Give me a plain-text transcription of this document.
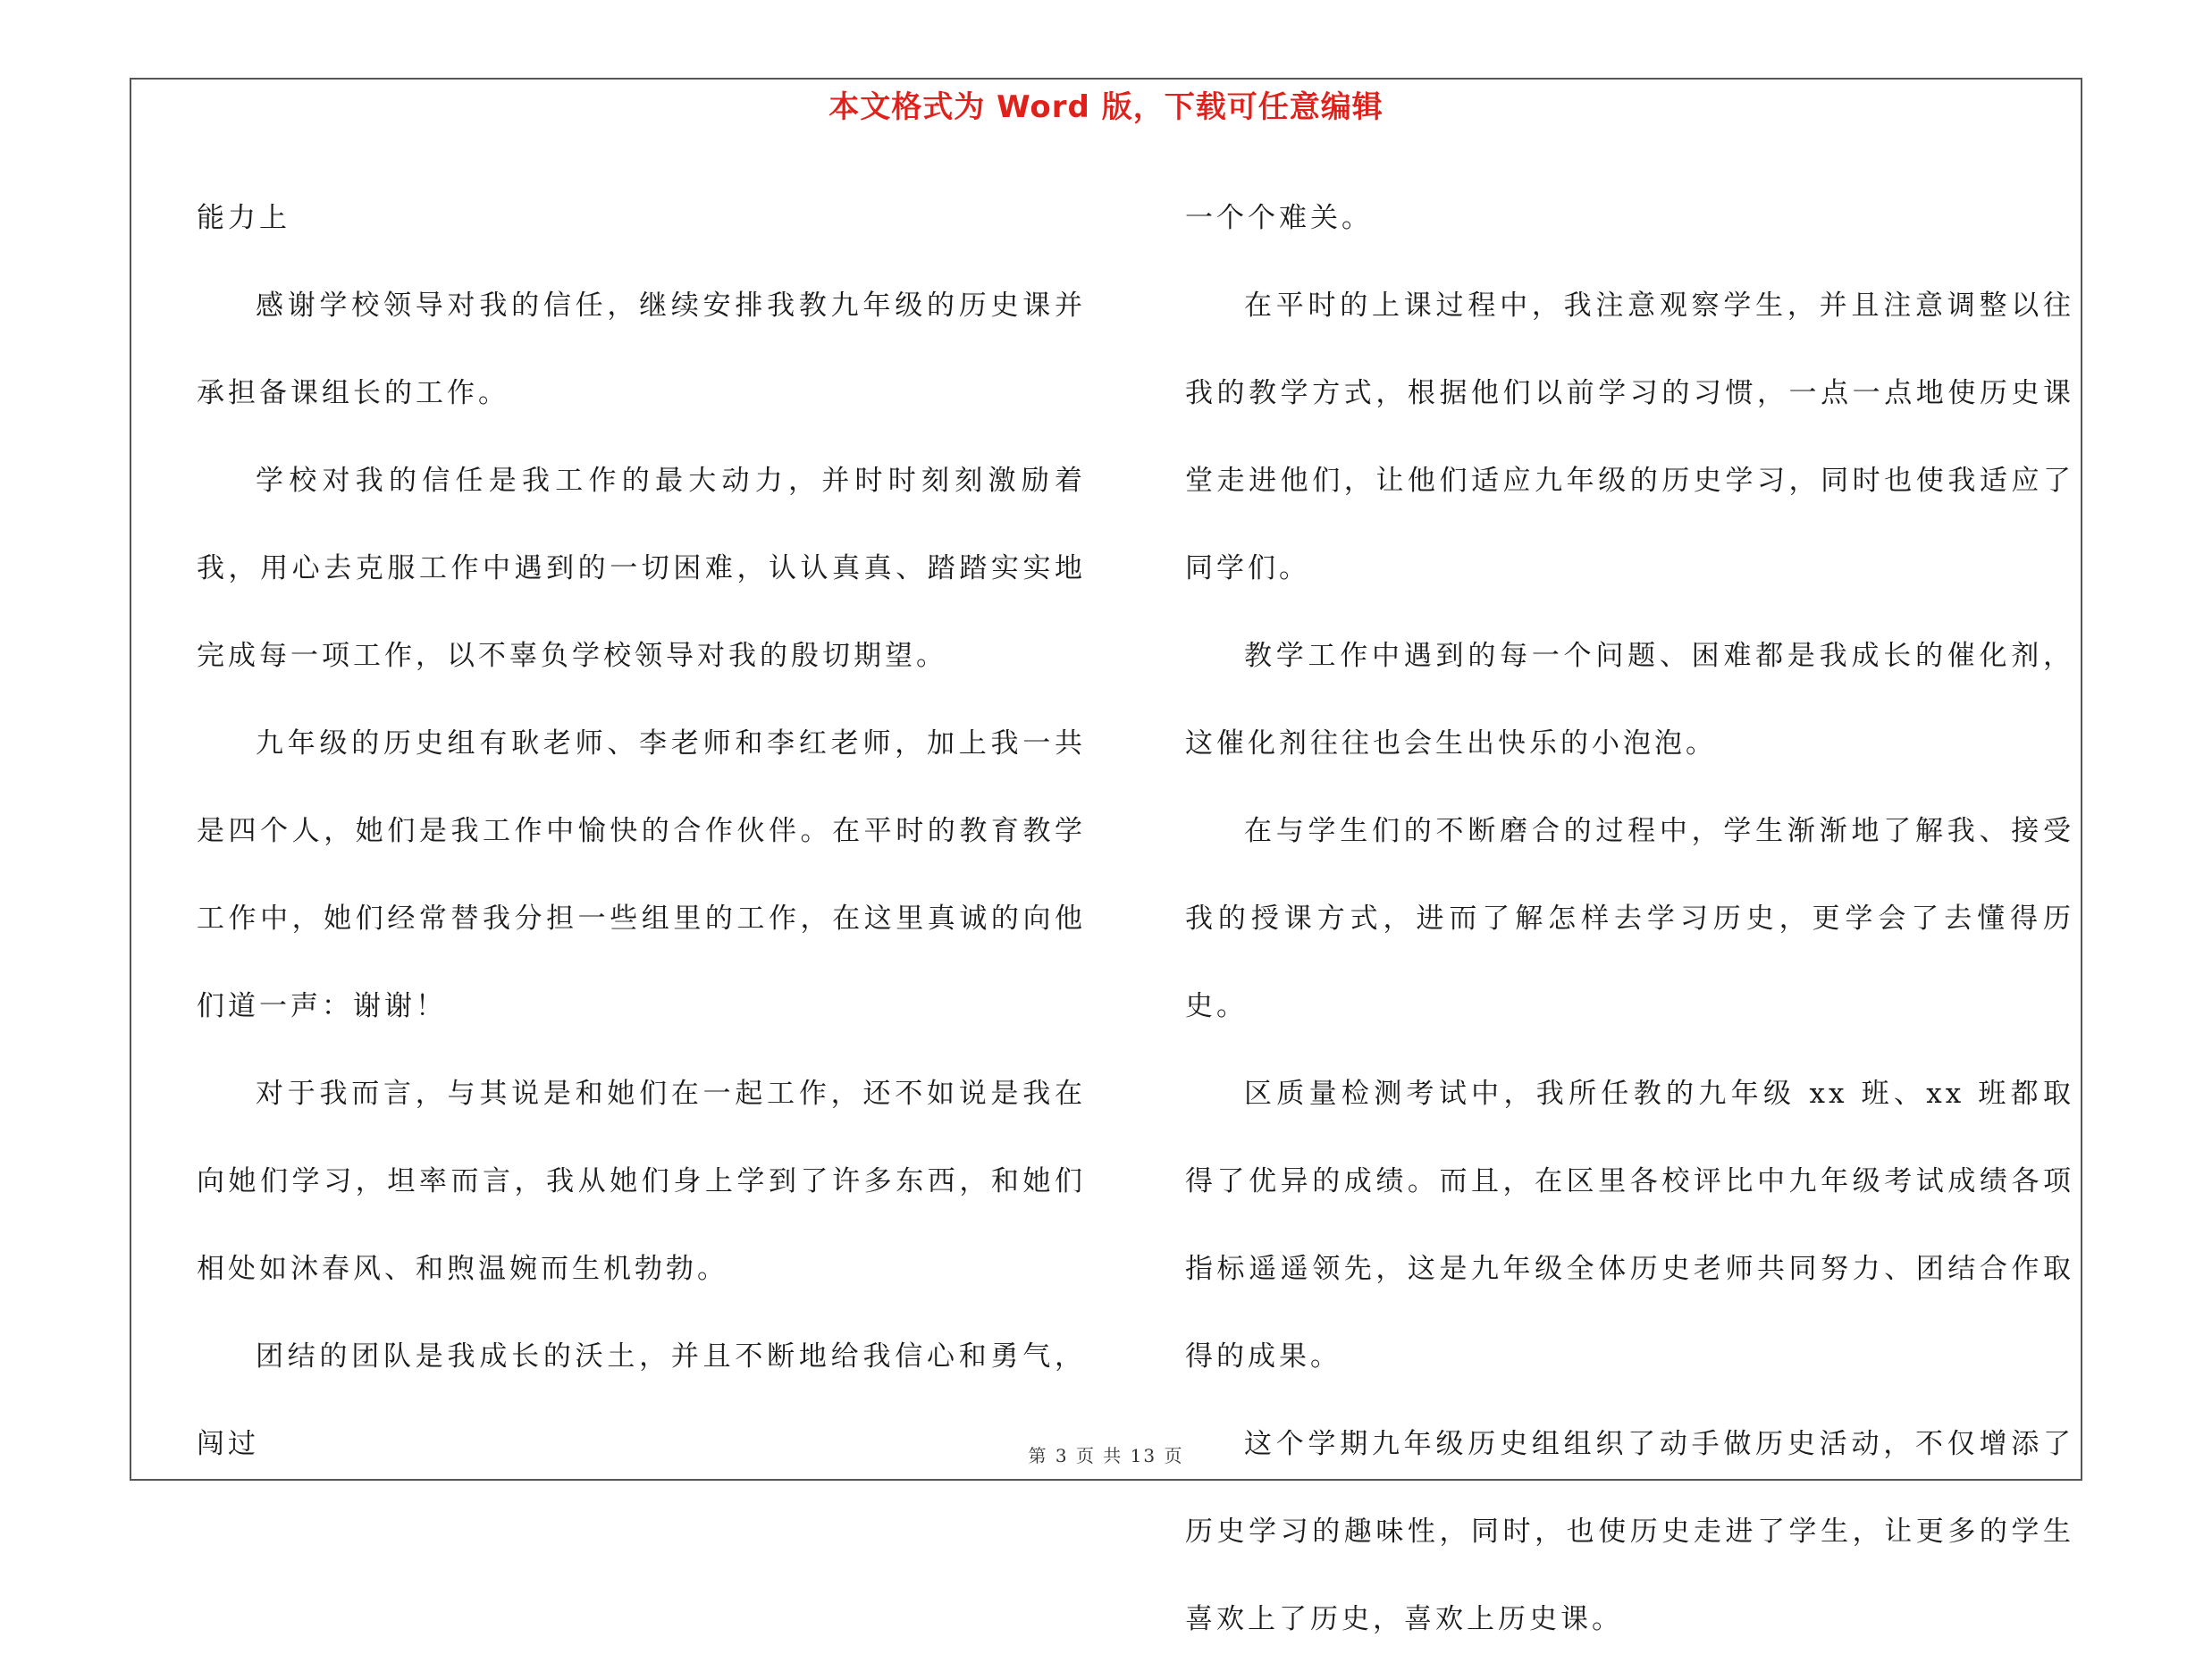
本文格式为 Word 版，下载可任意编辑

能力上

感谢学校领导对我的信任，继续安排我教九年级的历史课并承担备课组长的工作。

学校对我的信任是我工作的最大动力，并时时刻刻激励着我，用心去克服工作中遇到的一切困难，认认真真、踏踏实实地完成每一项工作，以不辜负学校领导对我的殷切期望。

九年级的历史组有耿老师、李老师和李红老师，加上我一共是四个人，她们是我工作中愉快的合作伙伴。在平时的教育教学工作中，她们经常替我分担一些组里的工作，在这里真诚的向他们道一声：谢谢！

对于我而言，与其说是和她们在一起工作，还不如说是我在向她们学习，坦率而言，我从她们身上学到了许多东西，和她们相处如沐春风、和煦温婉而生机勃勃。

团结的团队是我成长的沃土，并且不断地给我信心和勇气，闯过

一个个难关。

在平时的上课过程中，我注意观察学生，并且注意调整以往我的教学方式，根据他们以前学习的习惯，一点一点地使历史课堂走进他们，让他们适应九年级的历史学习，同时也使我适应了同学们。

教学工作中遇到的每一个问题、困难都是我成长的催化剂，这催化剂往往也会生出快乐的小泡泡。

在与学生们的不断磨合的过程中，学生渐渐地了解我、接受我的授课方式，进而了解怎样去学习历史，更学会了去懂得历史。

区质量检测考试中，我所任教的九年级 xx 班、xx 班都取得了优异的成绩。而且，在区里各校评比中九年级考试成绩各项指标遥遥领先，这是九年级全体历史老师共同努力、团结合作取得的成果。

这个学期九年级历史组组织了动手做历史活动，不仅增添了历史学习的趣味性，同时，也使历史走进了学生，让更多的学生喜欢上了历史，喜欢上历史课。

第 3 页 共 13 页
